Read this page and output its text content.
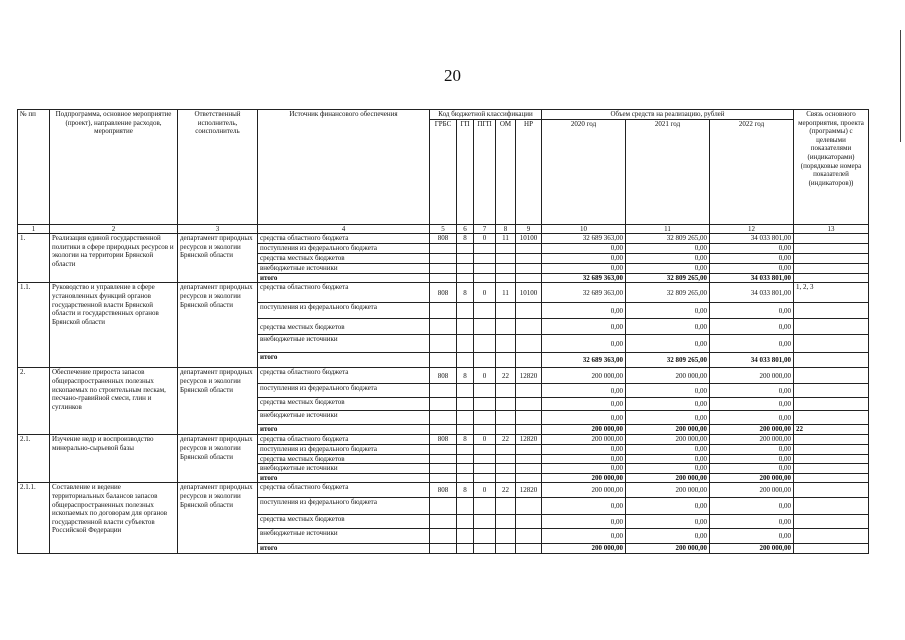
20
№ пп	Подпрограмма, основное мероприятие (проект), направление расходов, мероприятие	Ответственный исполнитель, соисполнитель	Источник финансового обеспечения	Код бюджетной классификации					Объем средств на реализацию, рублей			Связь основного мероприятия, проекта (программы) с целевыми показателями (индикаторами) (порядковые номера показателей (индикаторов))
				ГРБС	ГП	ПГП	ОМ	НР	2020 год	2021 год	2022 год	
1	2	3	4	5	6	7	8	9	10	11	12	13
1.	Реализация единой государственной политики в сфере природных ресурсов и экологии на территории Брянской области	департамент природных ресурсов и экологии Брянской области	средства областного бюджета	808	8	0	11	10100	32 689 363,00	32 809 265,00	34 033 801,00	
			поступления из федерального бюджета						0,00	0,00	0,00	
			средства местных бюджетов						0,00	0,00	0,00	
			внебюджетные источники						0,00	0,00	0,00	
			итого						32 689 363,00	32 809 265,00	34 033 801,00	
1.1.	Руководство и управление в сфере установленных функций органов государственной власти Брянской области и государственных органов Брянской области	департамент природных ресурсов и экологии Брянской области	средства областного бюджета	808	8	0	11	10100	32 689 363,00	32 809 265,00	34 033 801,00	1, 2, 3
			поступления из федерального бюджета						0,00	0,00	0,00	
			средства местных бюджетов						0,00	0,00	0,00	
			внебюджетные источники						0,00	0,00	0,00	
			итого						32 689 363,00	32 809 265,00	34 033 801,00	
2.	Обеспечение прироста запасов общераспространенных полезных ископаемых по строительным пескам, песчано-гравийной смеси, глин и суглинков	департамент природных ресурсов и экологии Брянской области	средства областного бюджета	808	8	0	22	12820	200 000,00	200 000,00	200 000,00	
			поступления из федерального бюджета						0,00	0,00	0,00	
			средства местных бюджетов						0,00	0,00	0,00	
			внебюджетные источники						0,00	0,00	0,00	
			итого						200 000,00	200 000,00	200 000,00	22
2.1.	Изучение недр и воспроизводство минерально-сырьевой базы	департамент природных ресурсов и экологии Брянской области	средства областного бюджета	808	8	0	22	12820	200 000,00	200 000,00	200 000,00	
			поступления из федерального бюджета						0,00	0,00	0,00	
			средства местных бюджетов						0,00	0,00	0,00	
			внебюджетные источники						0,00	0,00	0,00	
			итого						200 000,00	200 000,00	200 000,00	
2.1.1.	Составление и ведение территориальных балансов запасов общераспространенных полезных ископаемых по договорам для органов государственной власти субъектов Российской Федерации	департамент природных ресурсов и экологии Брянской области	средства областного бюджета	808	8	0	22	12820	200 000,00	200 000,00	200 000,00	
			поступления из федерального бюджета						0,00	0,00	0,00	
			средства местных бюджетов						0,00	0,00	0,00	
			внебюджетные источники						0,00	0,00	0,00	
			итого						200 000,00	200 000,00	200 000,00	
